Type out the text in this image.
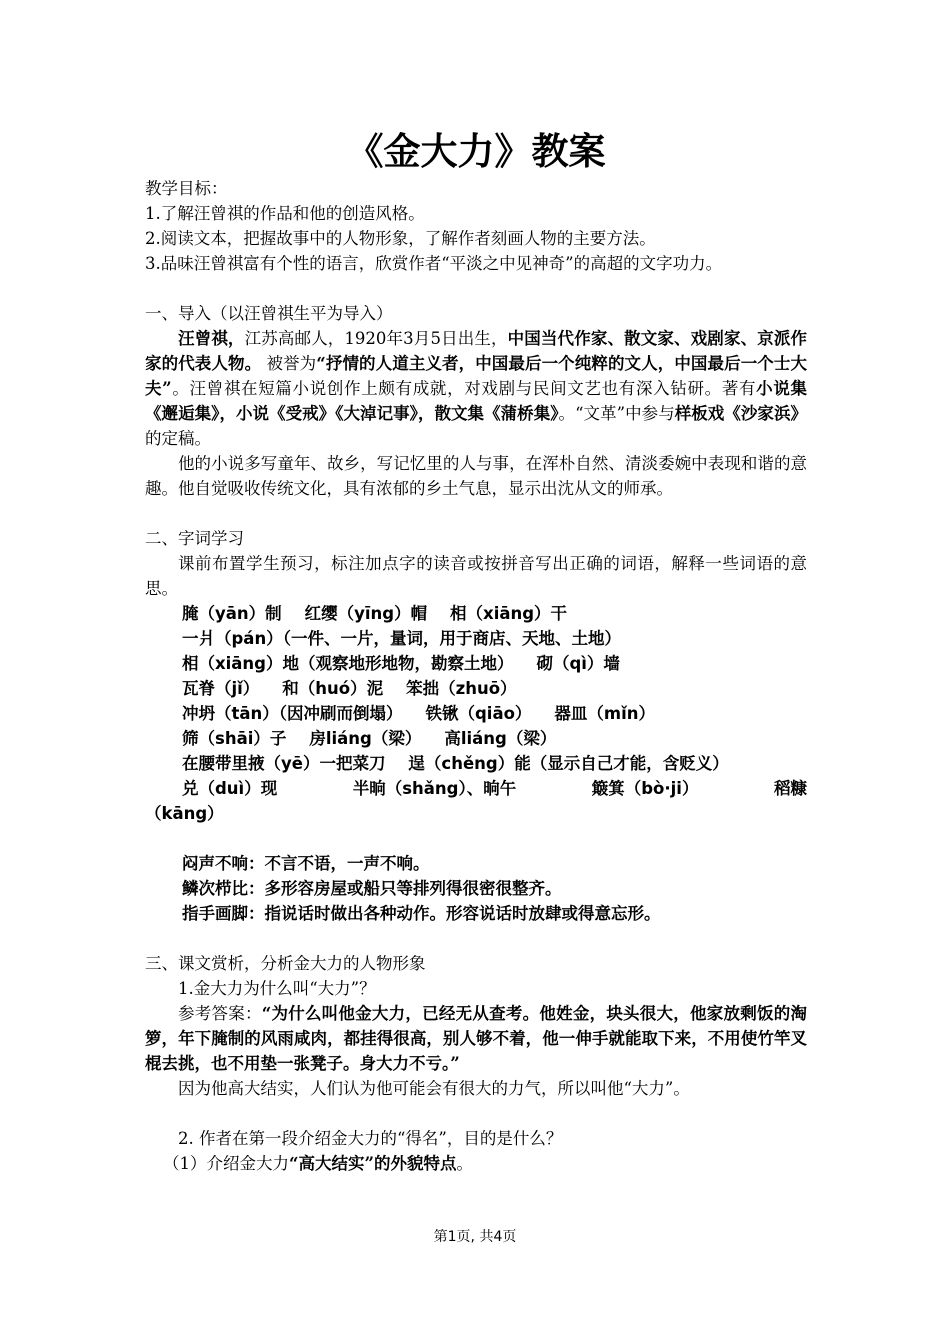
《金大力》教案

教学目标：

1.了解汪曾祺的作品和他的创造风格。

2.阅读文本，把握故事中的人物形象，了解作者刻画人物的主要方法。

3.品味汪曾祺富有个性的语言，欣赏作者“平淡之中见神奇”的高超的文字功力。

一、导入（以汪曾祺生平为导入）

汪曾祺，江苏高邮人，1920年3月5日出生，中国当代作家、散文家、戏剧家、京派作家的代表人物。 被誉为“抒情的人道主义者，中国最后一个纯粹的文人，中国最后一个士大夫”。汪曾祺在短篇小说创作上颇有成就，对戏剧与民间文艺也有深入钻研。著有小说集《邂逅集》，小说《受戒》《大淖记事》，散文集《蒲桥集》。“文革”中参与样板戏《沙家浜》的定稿。

他的小说多写童年、故乡，写记忆里的人与事，在浑朴自然、清淡委婉中表现和谐的意趣。他自觉吸收传统文化，具有浓郁的乡土气息，显示出沈从文的师承。

二、字词学习

课前布置学生预习，标注加点字的读音或按拼音写出正确的词语，解释一些词语的意思。

腌（yān）制    红缨（yīng）帽    相（xiāng）干

一爿（pán）（一件、一片，量词，用于商店、天地、土地）

相（xiāng）地（观察地形地物，勘察土地）    砌（qì）墙

瓦脊（jǐ）    和（huó）泥    笨拙（zhuō）

冲坍（tān）（因冲刷而倒塌）    铁锹（qiāo）    器皿（mǐn）

筛（shāi）子    房liáng（梁）    高liáng（梁）

在腰带里掖（yē）一把菜刀    逞（chěng）能（显示自己才能，含贬义）

兑（duì）现	半晌（shǎng）、晌午	簸箕（bò·ji）	稻糠

（kāng）

闷声不响：不言不语，一声不响。

鳞次栉比：多形容房屋或船只等排列得很密很整齐。

指手画脚：指说话时做出各种动作。形容说话时放肆或得意忘形。

三、课文赏析，分析金大力的人物形象

1.金大力为什么叫“大力”？

参考答案：“为什么叫他金大力，已经无从查考。他姓金，块头很大，他家放剩饭的淘箩，年下腌制的风雨咸肉，都挂得很高，别人够不着，他一伸手就能取下来，不用使竹竿叉棍去挑，也不用垫一张凳子。身大力不亏。”

因为他高大结实，人们认为他可能会有很大的力气，所以叫他“大力”。

2. 作者在第一段介绍金大力的“得名”，目的是什么？

（1）介绍金大力“高大结实”的外貌特点。

第1页, 共4页
